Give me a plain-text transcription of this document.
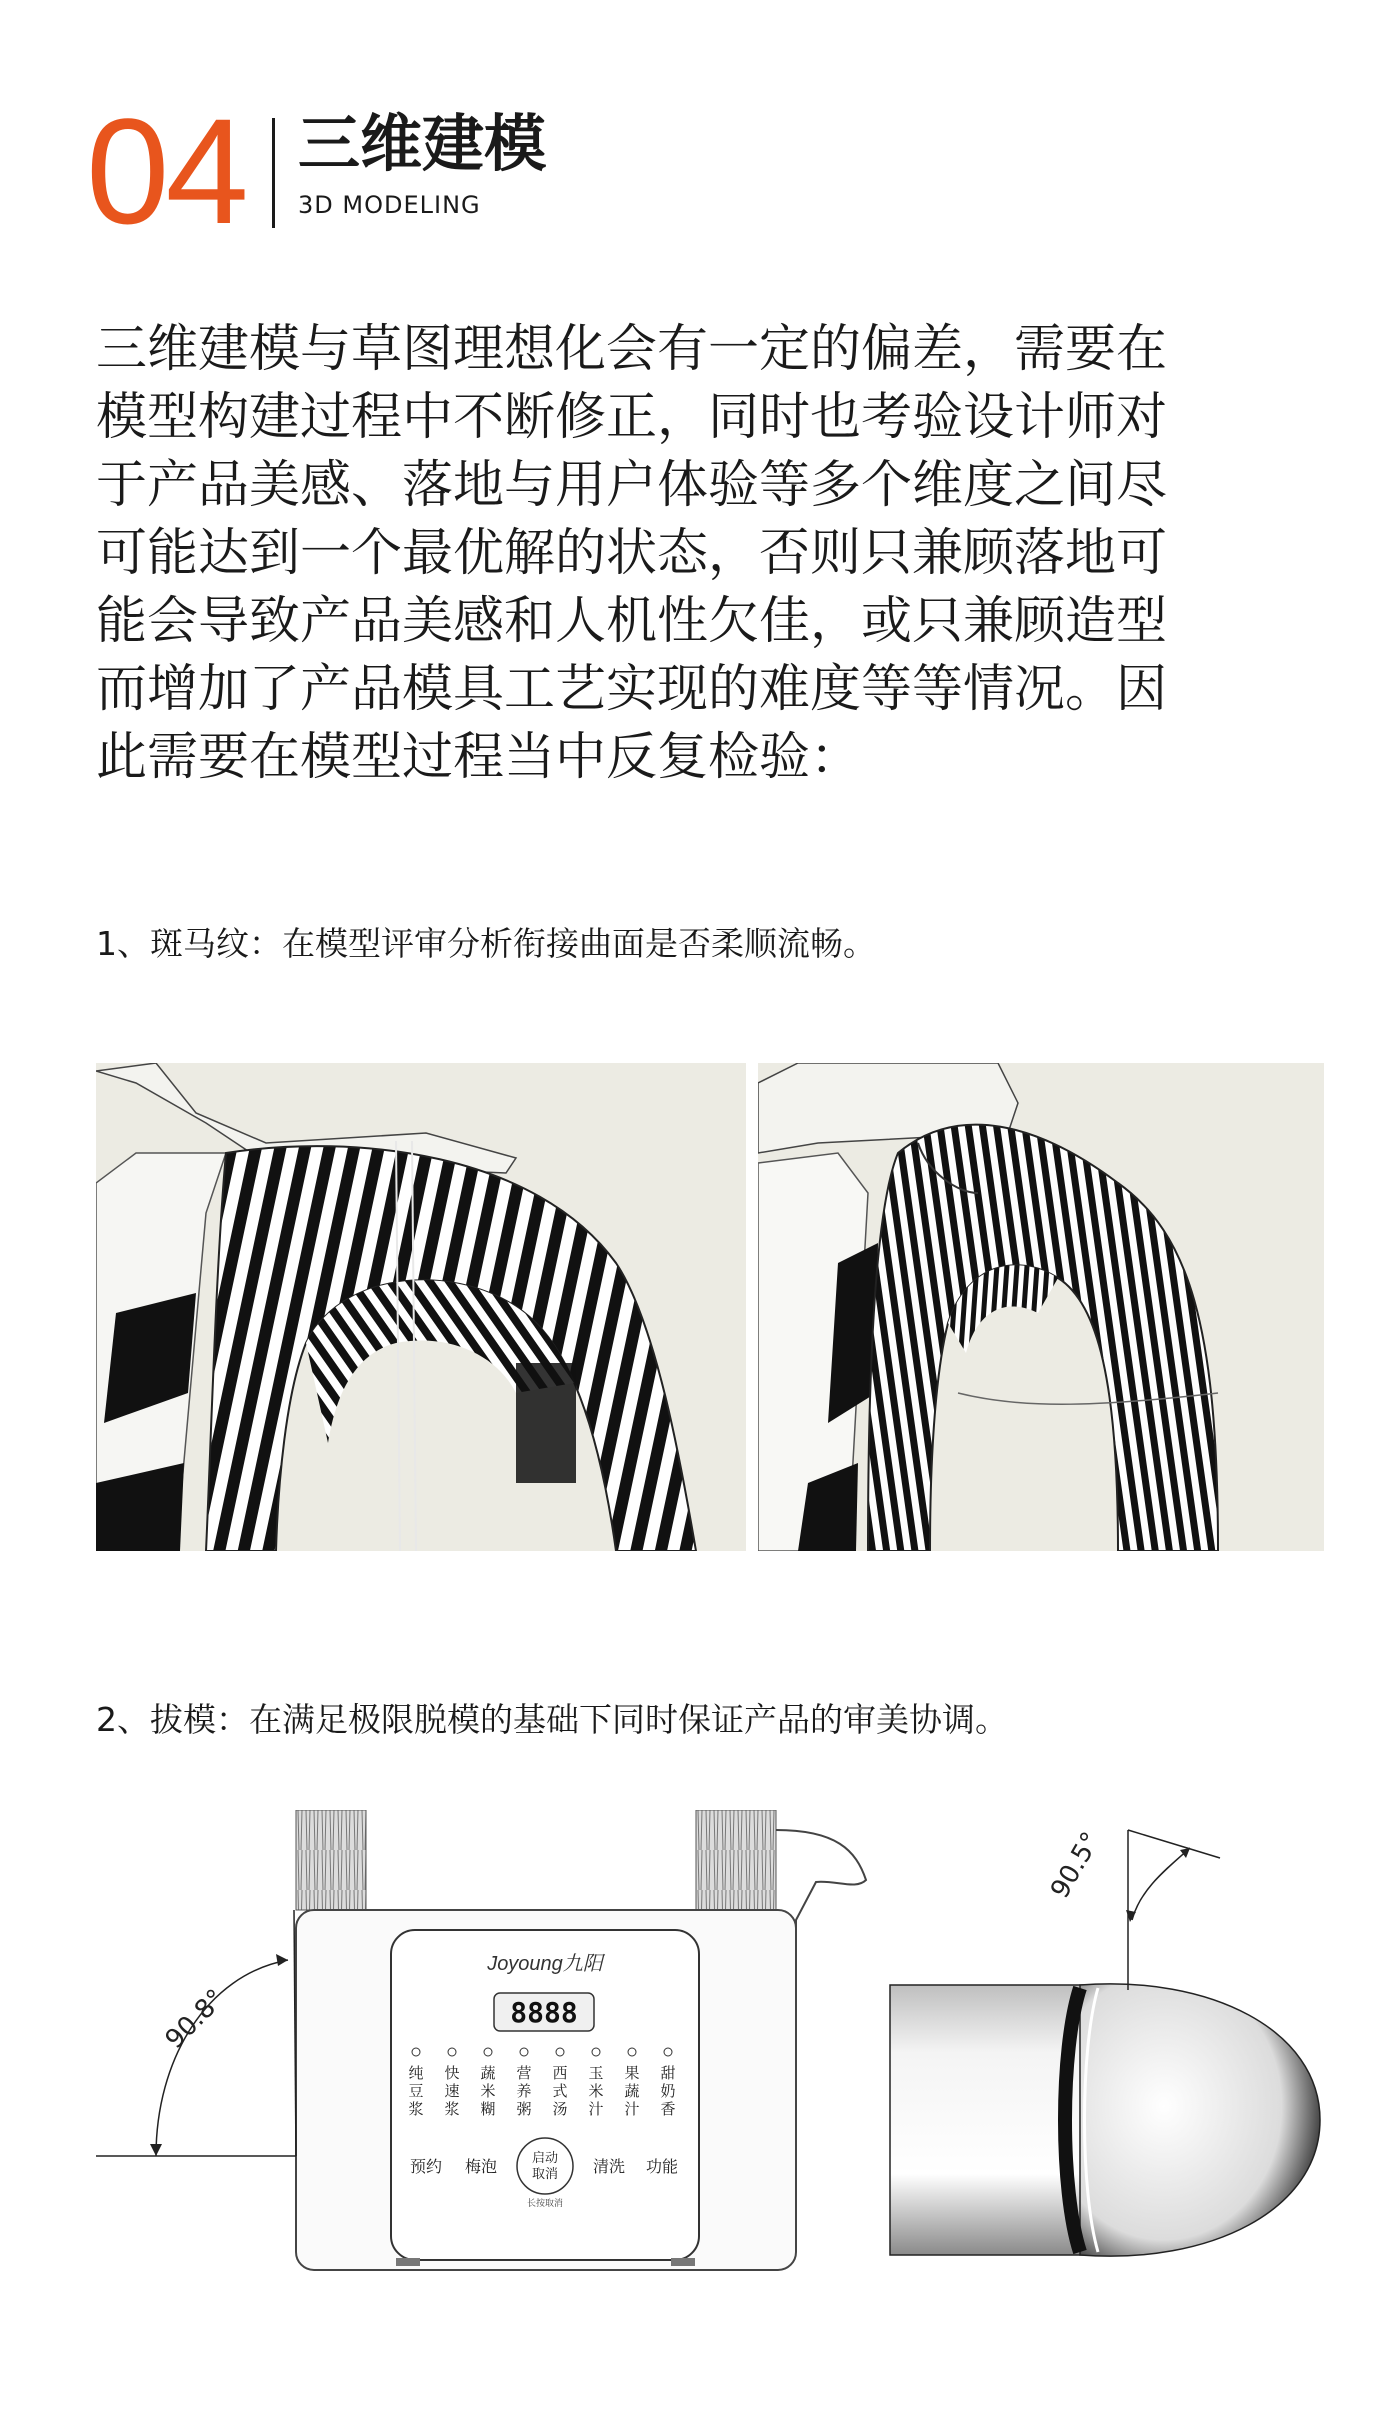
04 三维建模
3D MODELING

三维建模与草图理想化会有一定的偏差，需要在
模型构建过程中不断修正，同时也考验设计师对
于产品美感、落地与用户体验等多个维度之间尽
可能达到一个最优解的状态，否则只兼顾落地可
能会导致产品美感和人机性欠佳，或只兼顾造型
而增加了产品模具工艺实现的难度等等情况。因
此需要在模型过程当中反复检验：

1、斑马纹：在模型评审分析衔接曲面是否柔顺流畅。
2、拔模：在满足极限脱模的基础下同时保证产品的审美协调。
Joyoung九阳
8888
纯
豆
浆
快
速
浆
蔬
米
糊
营
养
粥
西
式
汤
玉
米
汁
果
蔬
汁
甜
奶
香
预约 梅泡	清洗 功能
启动
取消
长按取消
90.8°
90.5°
